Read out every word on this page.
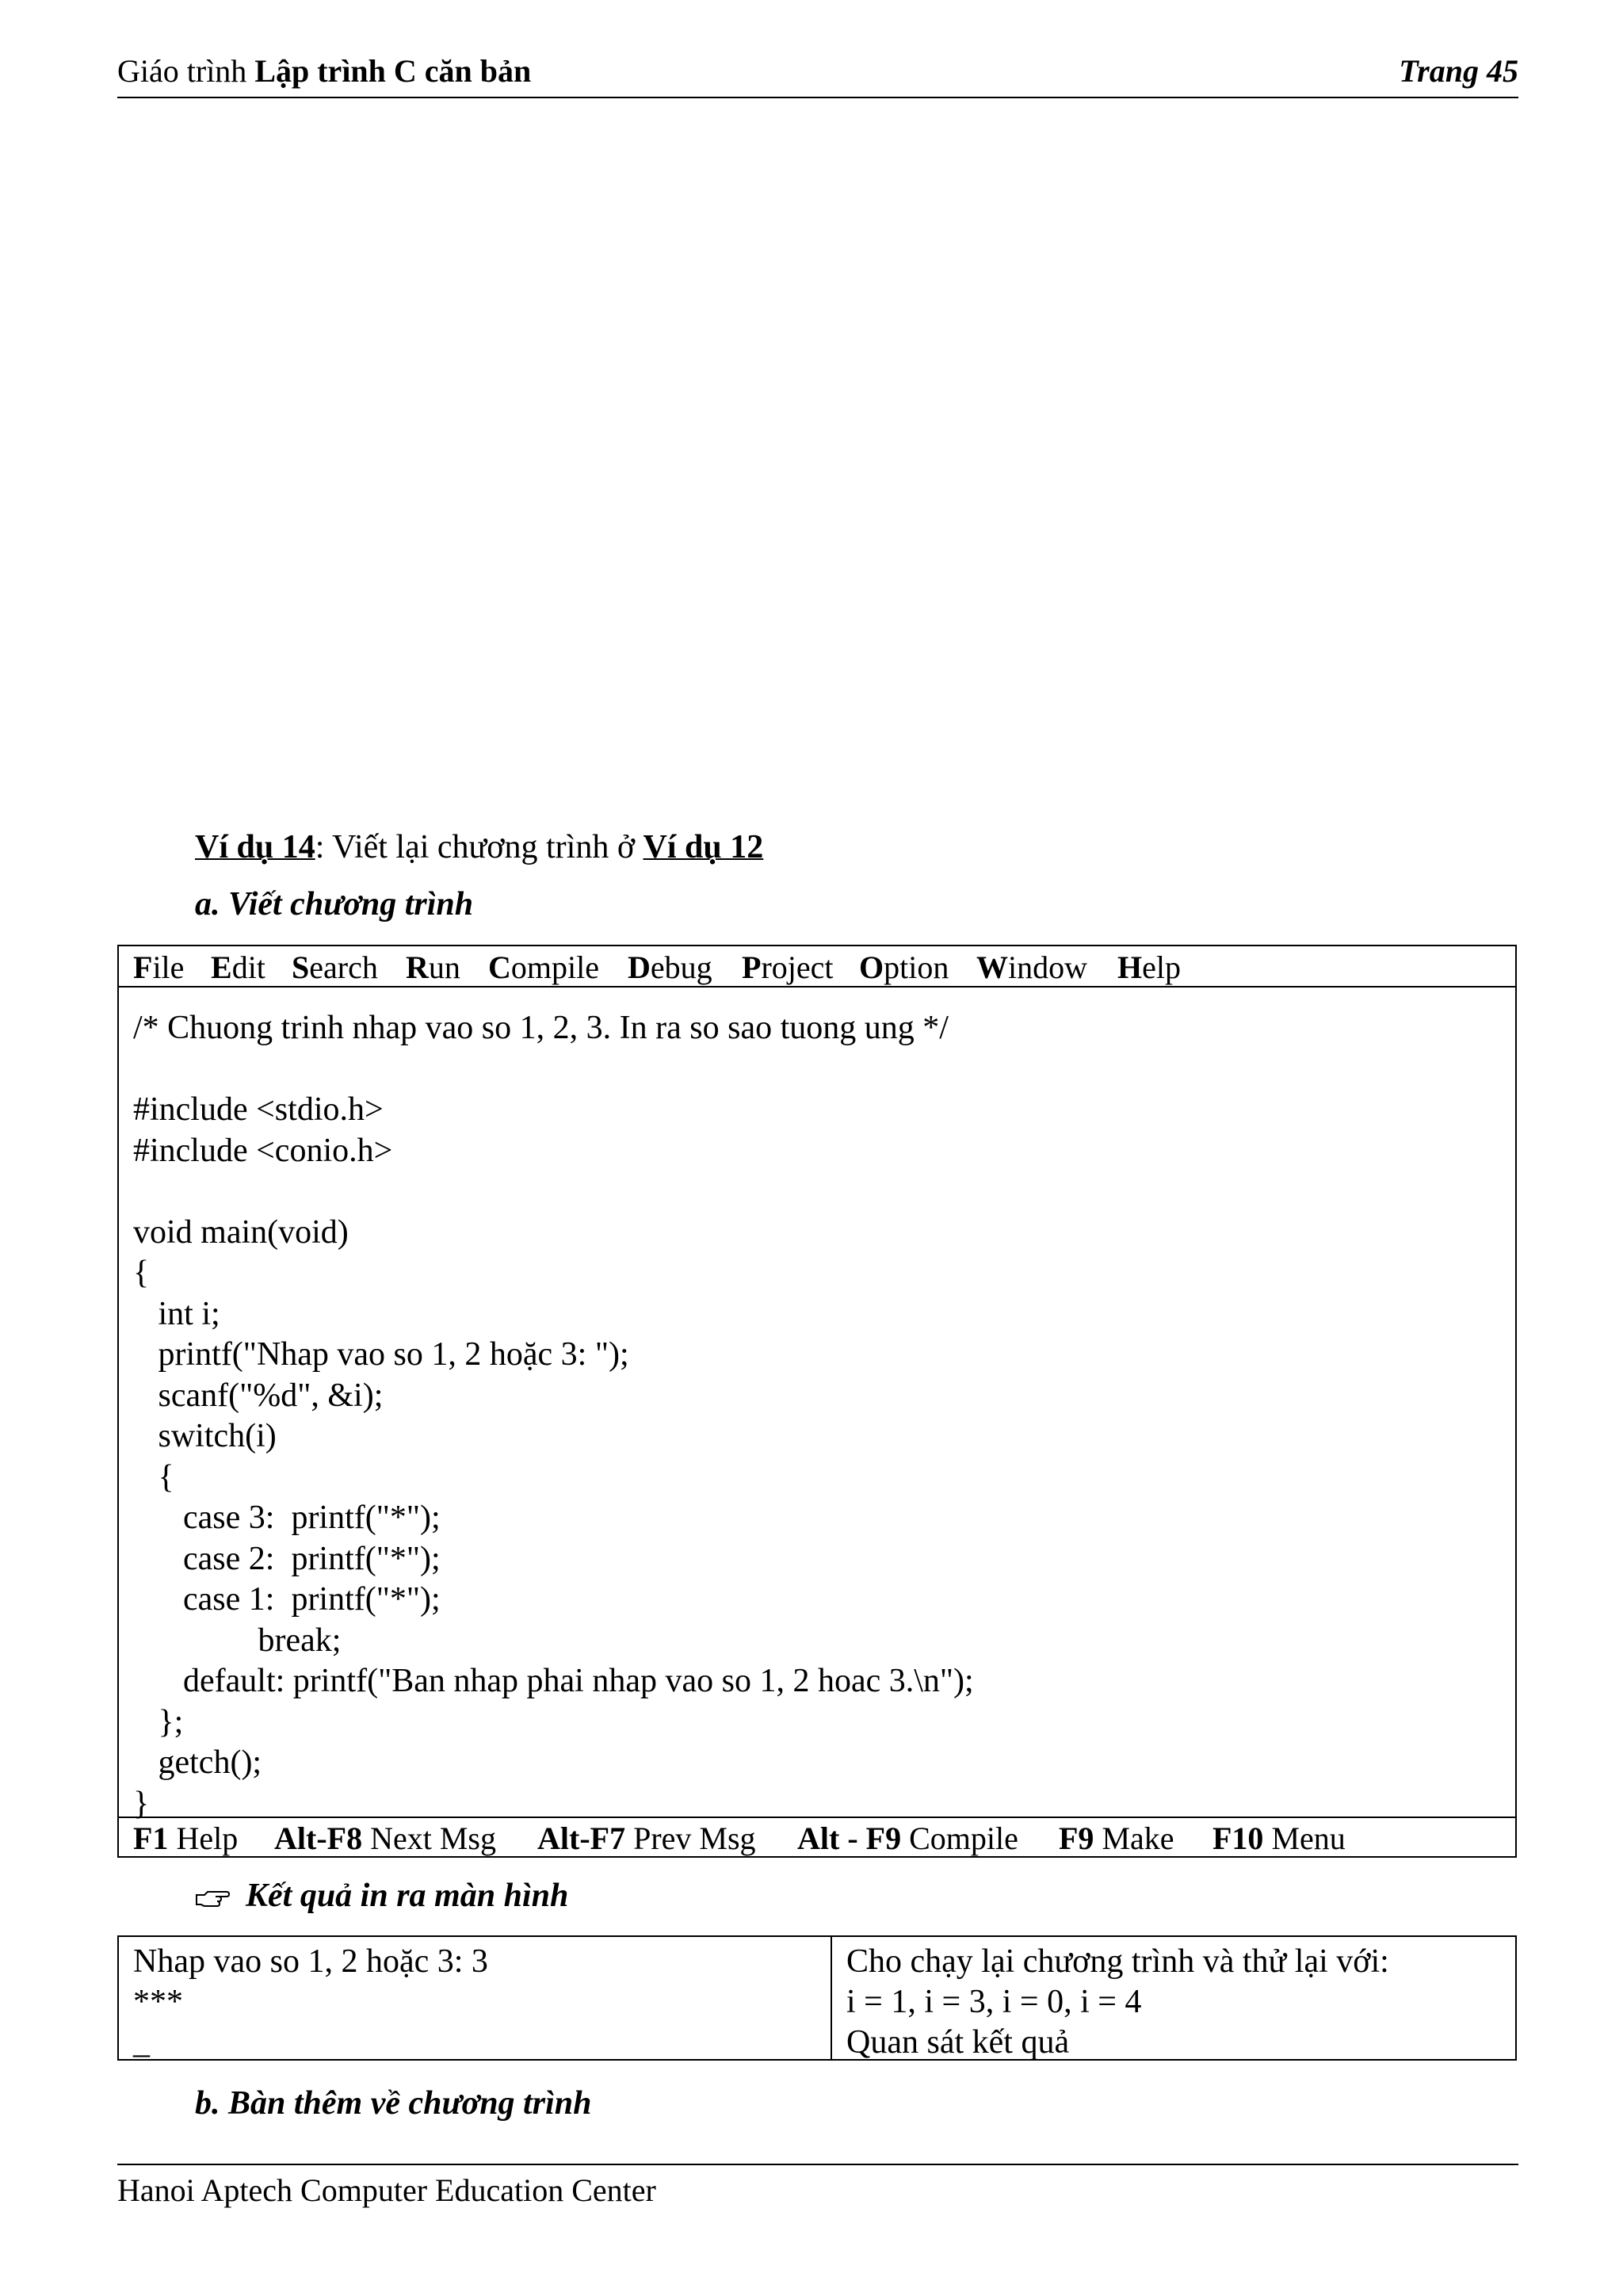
Giáo trình Lập trình C căn bản	Trang 45
Ví dụ 14: Viết lại chương trình ở Ví dụ 12
a. Viết chương trình
File Edit Search Run Compile Debug Project Option Window Help
/* Chuong trinh nhap vao so 1, 2, 3. In ra so sao tuong ung */
#include <stdio.h>
#include <conio.h>
void main(void)
{
int i;
printf("Nhap vao so 1, 2 hoặc 3: ");
scanf("%d", &i);
switch(i)
{
case 3:  printf("*");
case 2:  printf("*");
case 1:  printf("*");
break;
default: printf("Ban nhap phai nhap vao so 1, 2 hoac 3.\n");
};
getch();
}
F1 Help Alt-F8 Next Msg Alt-F7 Prev Msg Alt - F9 Compile F9 Make F10 Menu
Kết quả in ra màn hình
Nhap vao so 1, 2 hoặc 3: 3
***
_
Cho chạy lại chương trình và thử lại với:
i = 1, i = 3, i = 0, i = 4
Quan sát kết quả
b. Bàn thêm về chương trình
Hanoi Aptech Computer Education Center
